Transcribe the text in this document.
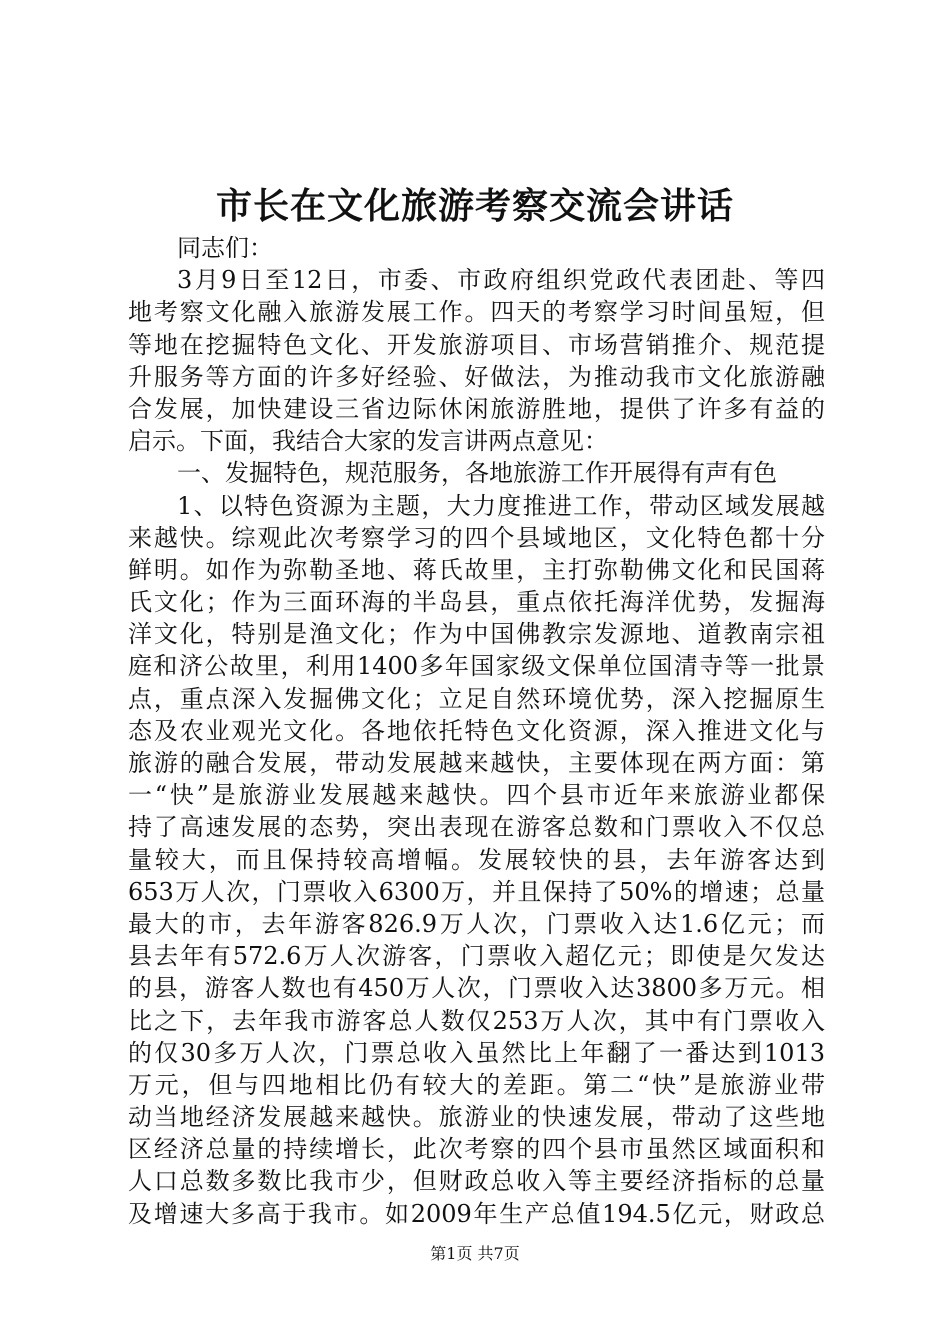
市长在文化旅游考察交流会讲话
同志们：
3月9日至12日，市委、市政府组织党政代表团赴、等四
地考察文化融入旅游发展工作。四天的考察学习时间虽短，但
等地在挖掘特色文化、开发旅游项目、市场营销推介、规范提
升服务等方面的许多好经验、好做法，为推动我市文化旅游融
合发展，加快建设三省边际休闲旅游胜地，提供了许多有益的
启示。下面，我结合大家的发言讲两点意见：
一、发掘特色，规范服务，各地旅游工作开展得有声有色
1、以特色资源为主题，大力度推进工作，带动区域发展越
来越快。综观此次考察学习的四个县域地区，文化特色都十分
鲜明。如作为弥勒圣地、蒋氏故里，主打弥勒佛文化和民国蒋
氏文化；作为三面环海的半岛县，重点依托海洋优势，发掘海
洋文化，特别是渔文化；作为中国佛教宗发源地、道教南宗祖
庭和济公故里，利用1400多年国家级文保单位国清寺等一批景
点，重点深入发掘佛文化；立足自然环境优势，深入挖掘原生
态及农业观光文化。各地依托特色文化资源，深入推进文化与
旅游的融合发展，带动发展越来越快，主要体现在两方面：第
一“快”是旅游业发展越来越快。四个县市近年来旅游业都保
持了高速发展的态势，突出表现在游客总数和门票收入不仅总
量较大，而且保持较高增幅。发展较快的县，去年游客达到
653万人次，门票收入6300万，并且保持了50%的增速；总量
最大的市，去年游客826.9万人次，门票收入达1.6亿元；而
县去年有572.6万人次游客，门票收入超亿元；即使是欠发达
的县，游客人数也有450万人次，门票收入达3800多万元。相
比之下，去年我市游客总人数仅253万人次，其中有门票收入
的仅30多万人次，门票总收入虽然比上年翻了一番达到1013
万元，但与四地相比仍有较大的差距。第二“快”是旅游业带
动当地经济发展越来越快。旅游业的快速发展，带动了这些地
区经济总量的持续增长，此次考察的四个县市虽然区域面积和
人口总数多数比我市少，但财政总收入等主要经济指标的总量
及增速大多高于我市。如2009年生产总值194.5亿元，财政总
第1页 共7页
